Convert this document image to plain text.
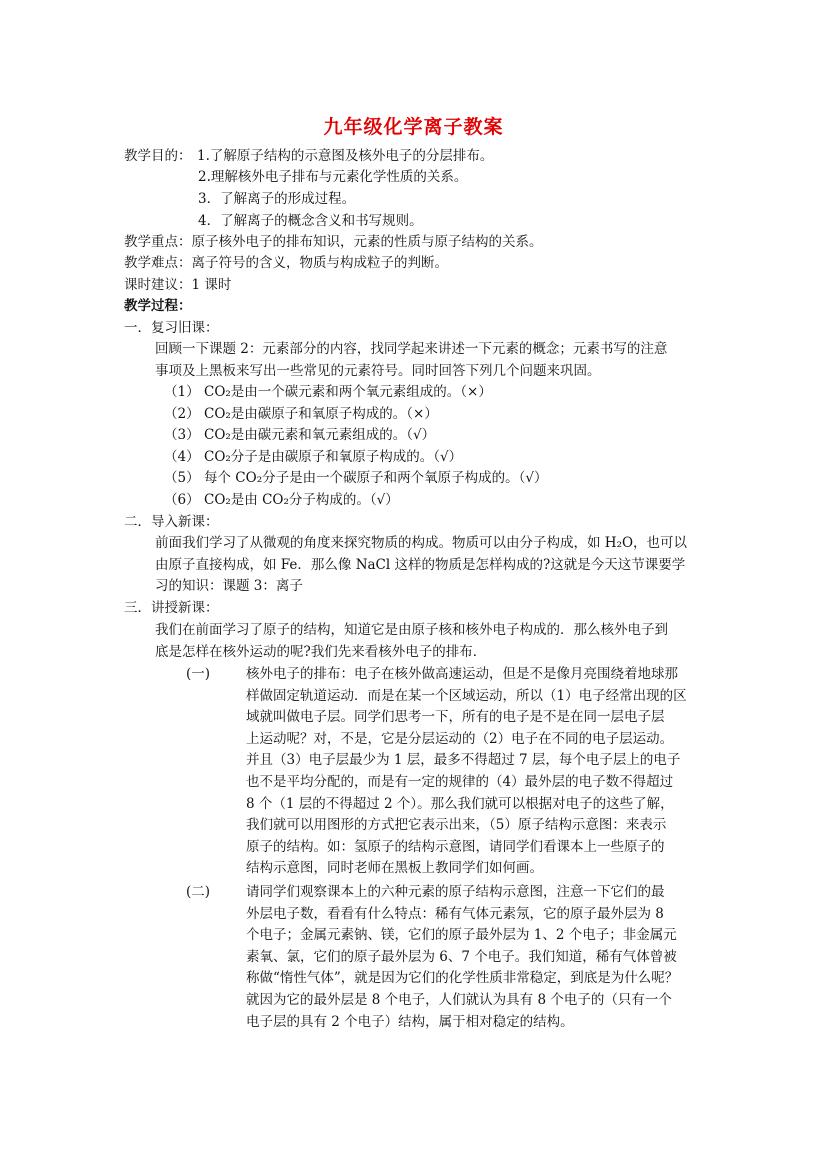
九年级化学离子教案
教学目的： 1.了解原子结构的示意图及核外电子的分层排布。
2.理解核外电子排布与元素化学性质的关系。
3．了解离子的形成过程。
4．了解离子的概念含义和书写规则。
教学重点：原子核外电子的排布知识，元素的性质与原子结构的关系。
教学难点：离子符号的含义，物质与构成粒子的判断。
课时建议：1 课时
教学过程：
一．复习旧课：

回顾一下课题 2：元素部分的内容，找同学起来讲述一下元素的概念；元素书写的注意

事项及上黑板来写出一些常见的元素符号。同时回答下列几个问题来巩固。

（1） CO₂是由一个碳元素和两个氧元素组成的。（×）
（2） CO₂是由碳原子和氧原子构成的。（×）
（3） CO₂是由碳元素和氧元素组成的。（√）
（4） CO₂分子是由碳原子和氧原子构成的。（√）
（5） 每个 CO₂分子是由一个碳原子和两个氧原子构成的。（√）
（6） CO₂是由 CO₂分子构成的。（√）
二．导入新课：

前面我们学习了从微观的角度来探究物质的构成。物质可以由分子构成，如 H₂O，也可以

由原子直接构成，如 Fe．那么像 NaCl 这样的物质是怎样构成的?这就是今天这节课要学

习的知识：课题 3：离子

三．讲授新课：

我们在前面学习了原子的结构，知道它是由原子核和核外电子构成的．那么核外电子到

底是怎样在核外运动的呢?我们先来看核外电子的排布．

(一)	核外电子的排布：电子在核外做高速运动，但是不是像月亮围绕着地球那

样做固定轨道运动．而是在某一个区域运动，所以（1）电子经常出现的区

域就叫做电子层。同学们思考一下，所有的电子是不是在同一层电子层

上运动呢？对，不是，它是分层运动的（2）电子在不同的电子层运动。

并且（3）电子层最少为 1 层，最多不得超过 7 层，每个电子层上的电子

也不是平均分配的，而是有一定的规律的（4）最外层的电子数不得超过

8 个（1 层的不得超过 2 个）。那么我们就可以根据对电子的这些了解，

我们就可以用图形的方式把它表示出来，（5）原子结构示意图：来表示

原子的结构。如：氢原子的结构示意图，请同学们看课本上一些原子的

结构示意图，同时老师在黑板上教同学们如何画。

(二)	请同学们观察课本上的六种元素的原子结构示意图，注意一下它们的最

外层电子数，看看有什么特点：稀有气体元素氖，它的原子最外层为 8

个电子；金属元素钠、镁，它们的原子最外层为 1、2 个电子；非金属元

素氧、氯，它们的原子最外层为 6、7 个电子。我们知道，稀有气体曾被

称做“惰性气体”，就是因为它们的化学性质非常稳定，到底是为什么呢？

就因为它的最外层是 8 个电子，人们就认为具有 8 个电子的（只有一个

电子层的具有 2 个电子）结构，属于相对稳定的结构。
